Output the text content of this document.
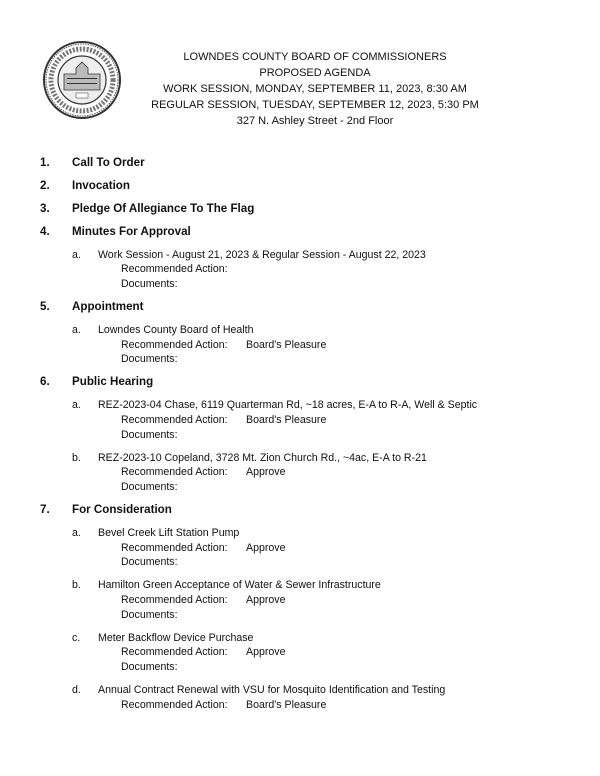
LOWNDES COUNTY BOARD OF COMMISSIONERS
PROPOSED AGENDA
WORK SESSION, MONDAY, SEPTEMBER 11, 2023, 8:30 AM
REGULAR SESSION, TUESDAY, SEPTEMBER 12, 2023, 5:30 PM
327 N. Ashley Street - 2nd Floor
1. Call To Order
2. Invocation
3. Pledge Of Allegiance To The Flag
4. Minutes For Approval
a. Work Session - August 21, 2023 & Regular Session - August 22, 2023
Recommended Action:
Documents:
5. Appointment
a. Lowndes County Board of Health
Recommended Action: Board's Pleasure
Documents:
6. Public Hearing
a. REZ-2023-04 Chase, 6119 Quarterman Rd, ~18 acres, E-A to R-A, Well & Septic
Recommended Action: Board's Pleasure
Documents:
b. REZ-2023-10 Copeland, 3728 Mt. Zion Church Rd., ~4ac, E-A to R-21
Recommended Action: Approve
Documents:
7. For Consideration
a. Bevel Creek Lift Station Pump
Recommended Action: Approve
Documents:
b. Hamilton Green Acceptance of Water & Sewer Infrastructure
Recommended Action: Approve
Documents:
c. Meter Backflow Device Purchase
Recommended Action: Approve
Documents:
d. Annual Contract Renewal with VSU for Mosquito Identification and Testing
Recommended Action: Board's Pleasure
